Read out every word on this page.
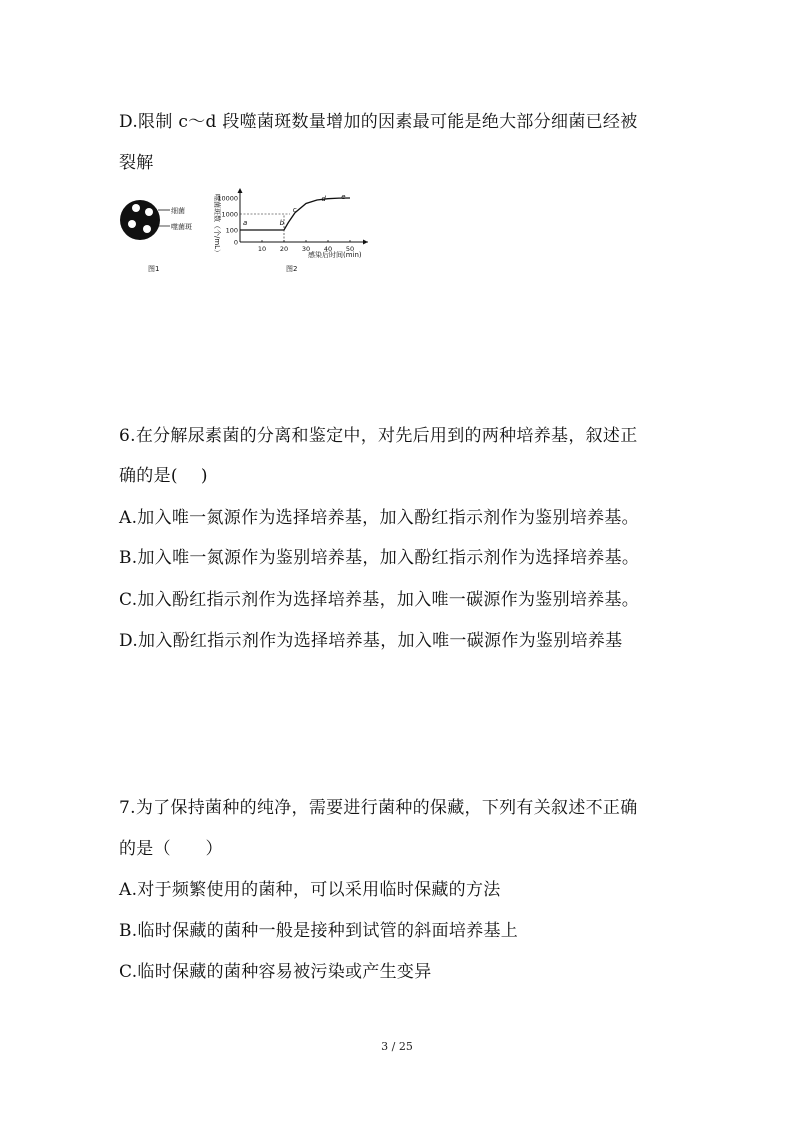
D.限制 c～d 段噬菌斑数量增加的因素最可能是绝大部分细菌已经被
裂解
细菌
噬菌斑
图1
噬菌斑数（个/mL）
10000
1000
100
0
10 20 30 40 50
a	b
c
d e
感染后时间(min)
图2
6.在分解尿素菌的分离和鉴定中，对先后用到的两种培养基，叙述正
确的是(　 )
A.加入唯一氮源作为选择培养基，加入酚红指示剂作为鉴别培养基。
B.加入唯一氮源作为鉴别培养基，加入酚红指示剂作为选择培养基。
C.加入酚红指示剂作为选择培养基，加入唯一碳源作为鉴别培养基。
D.加入酚红指示剂作为选择培养基，加入唯一碳源作为鉴别培养基
7.为了保持菌种的纯净，需要进行菌种的保藏，下列有关叙述不正确
的是（　　）
A.对于频繁使用的菌种，可以采用临时保藏的方法
B.临时保藏的菌种一般是接种到试管的斜面培养基上
C.临时保藏的菌种容易被污染或产生变异
3 / 25
